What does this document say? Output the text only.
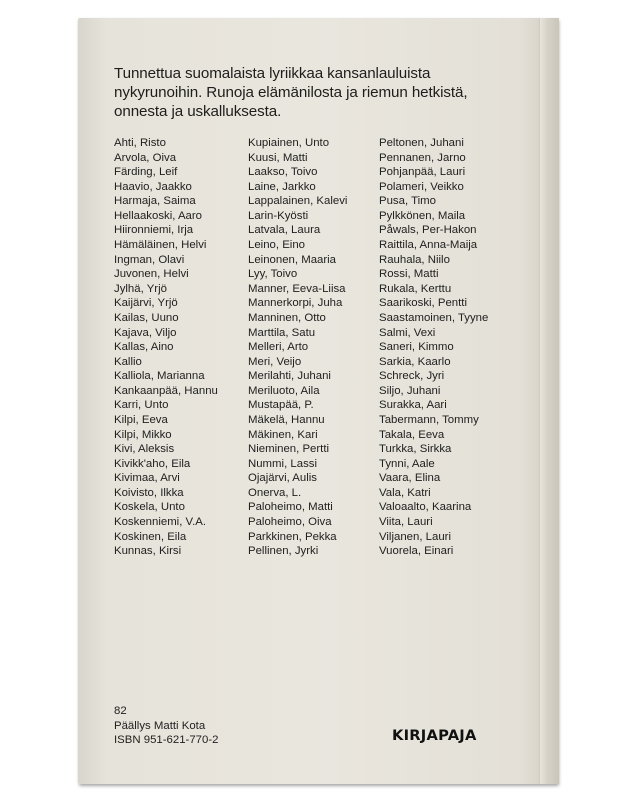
Tunnettua suomalaista lyriikkaa kansanlauluista
nykyrunoihin. Runoja elämänilosta ja riemun hetkistä,
onnesta ja uskalluksesta.
Ahti, Risto
Arvola, Oiva
Färding, Leif
Haavio, Jaakko
Harmaja, Saima
Hellaakoski, Aaro
Hiironniemi, Irja
Hämäläinen, Helvi
Ingman, Olavi
Juvonen, Helvi
Jylhä, Yrjö
Kaijärvi, Yrjö
Kailas, Uuno
Kajava, Viljo
Kallas, Aino
Kallio
Kalliola, Marianna
Kankaanpää, Hannu
Karri, Unto
Kilpi, Eeva
Kilpi, Mikko
Kivi, Aleksis
Kivikk'aho, Eila
Kivimaa, Arvi
Koivisto, Ilkka
Koskela, Unto
Koskenniemi, V.A.
Koskinen, Eila
Kunnas, Kirsi
Kupiainen, Unto
Kuusi, Matti
Laakso, Toivo
Laine, Jarkko
Lappalainen, Kalevi
Larin-Kyösti
Latvala, Laura
Leino, Eino
Leinonen, Maaria
Lyy, Toivo
Manner, Eeva-Liisa
Mannerkorpi, Juha
Manninen, Otto
Marttila, Satu
Melleri, Arto
Meri, Veijo
Merilahti, Juhani
Meriluoto, Aila
Mustapää, P.
Mäkelä, Hannu
Mäkinen, Kari
Nieminen, Pertti
Nummi, Lassi
Ojajärvi, Aulis
Onerva, L.
Paloheimo, Matti
Paloheimo, Oiva
Parkkinen, Pekka
Pellinen, Jyrki
Peltonen, Juhani
Pennanen, Jarno
Pohjanpää, Lauri
Polameri, Veikko
Pusa, Timo
Pylkkönen, Maila
Påwals, Per-Hakon
Raittila, Anna-Maija
Rauhala, Niilo
Rossi, Matti
Rukala, Kerttu
Saarikoski, Pentti
Saastamoinen, Tyyne
Salmi, Vexi
Saneri, Kimmo
Sarkia, Kaarlo
Schreck, Jyri
Siljo, Juhani
Surakka, Aari
Tabermann, Tommy
Takala, Eeva
Turkka, Sirkka
Tynni, Aale
Vaara, Elina
Vala, Katri
Valoaalto, Kaarina
Viita, Lauri
Viljanen, Lauri
Vuorela, Einari
82
Päällys Matti Kota
ISBN 951-621-770-2	KIRJAPAJA
